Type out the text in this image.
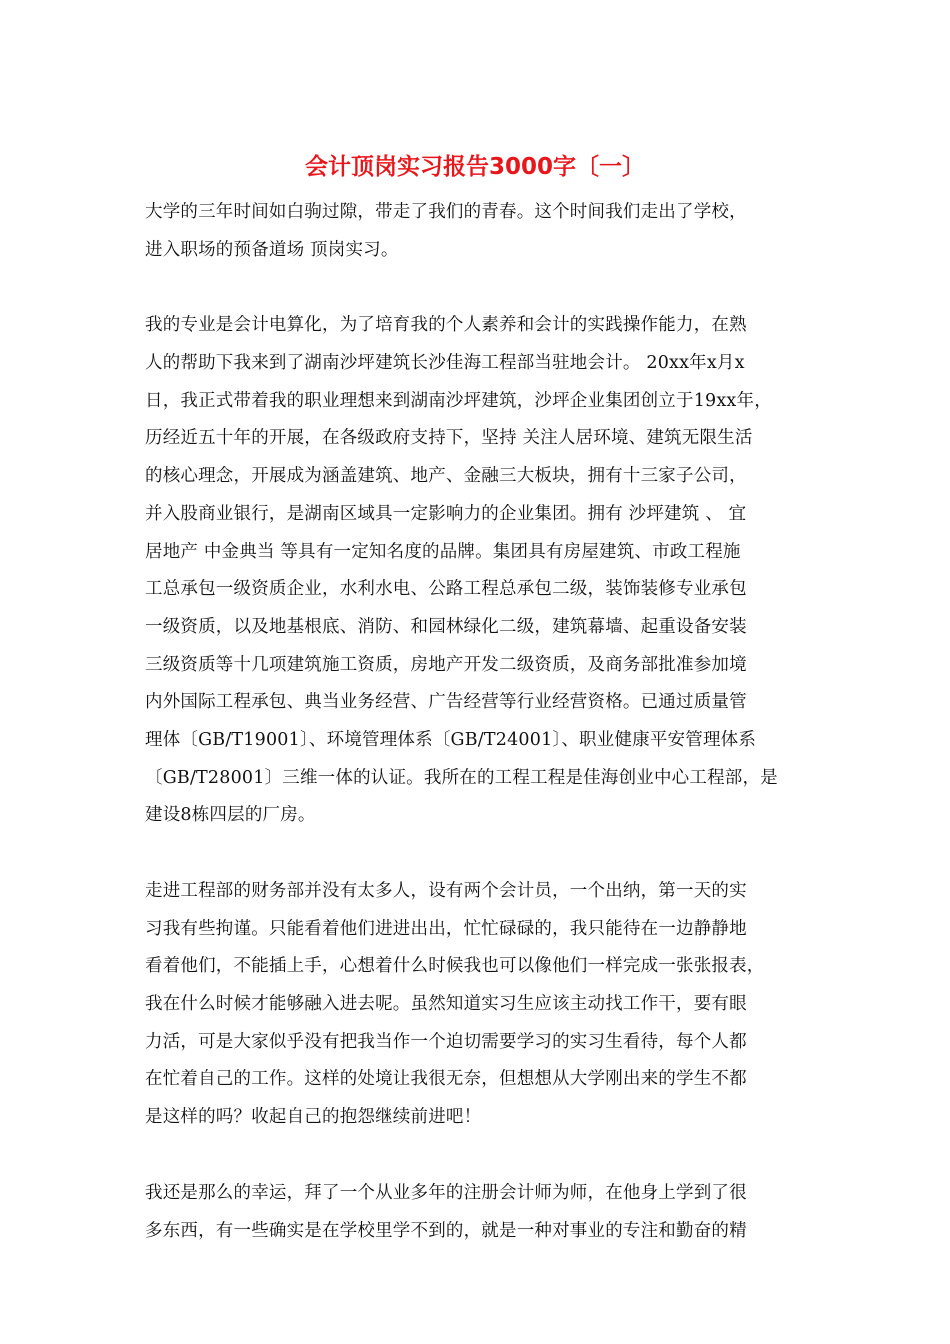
会计顶岗实习报告3000字〔一〕
大学的三年时间如白驹过隙，带走了我们的青春。这个时间我们走出了学校，
进入职场的预备道场 顶岗实习。
我的专业是会计电算化，为了培育我的个人素养和会计的实践操作能力，在熟
人的帮助下我来到了湖南沙坪建筑长沙佳海工程部当驻地会计。 20xx年x月x
日，我正式带着我的职业理想来到湖南沙坪建筑，沙坪企业集团创立于19xx年，
历经近五十年的开展，在各级政府支持下，坚持 关注人居环境、建筑无限生活
的核心理念，开展成为涵盖建筑、地产、金融三大板块，拥有十三家子公司，
并入股商业银行，是湖南区域具一定影响力的企业集团。拥有 沙坪建筑 、 宜
居地产 中金典当 等具有一定知名度的品牌。集团具有房屋建筑、市政工程施
工总承包一级资质企业，水利水电、公路工程总承包二级，装饰装修专业承包
一级资质，以及地基根底、消防、和园林绿化二级，建筑幕墙、起重设备安装
三级资质等十几项建筑施工资质，房地产开发二级资质，及商务部批准参加境
内外国际工程承包、典当业务经营、广告经营等行业经营资格。已通过质量管
理体〔GB/T19001〕、环境管理体系〔GB/T24001〕、职业健康平安管理体系
〔GB/T28001〕三维一体的认证。我所在的工程工程是佳海创业中心工程部，是
建设8栋四层的厂房。
走进工程部的财务部并没有太多人，设有两个会计员，一个出纳，第一天的实
习我有些拘谨。只能看着他们进进出出，忙忙碌碌的，我只能待在一边静静地
看着他们，不能插上手，心想着什么时候我也可以像他们一样完成一张张报表，
我在什么时候才能够融入进去呢。虽然知道实习生应该主动找工作干，要有眼
力活，可是大家似乎没有把我当作一个迫切需要学习的实习生看待，每个人都
在忙着自己的工作。这样的处境让我很无奈，但想想从大学刚出来的学生不都
是这样的吗？收起自己的抱怨继续前进吧！
我还是那么的幸运，拜了一个从业多年的注册会计师为师，在他身上学到了很
多东西，有一些确实是在学校里学不到的，就是一种对事业的专注和勤奋的精
